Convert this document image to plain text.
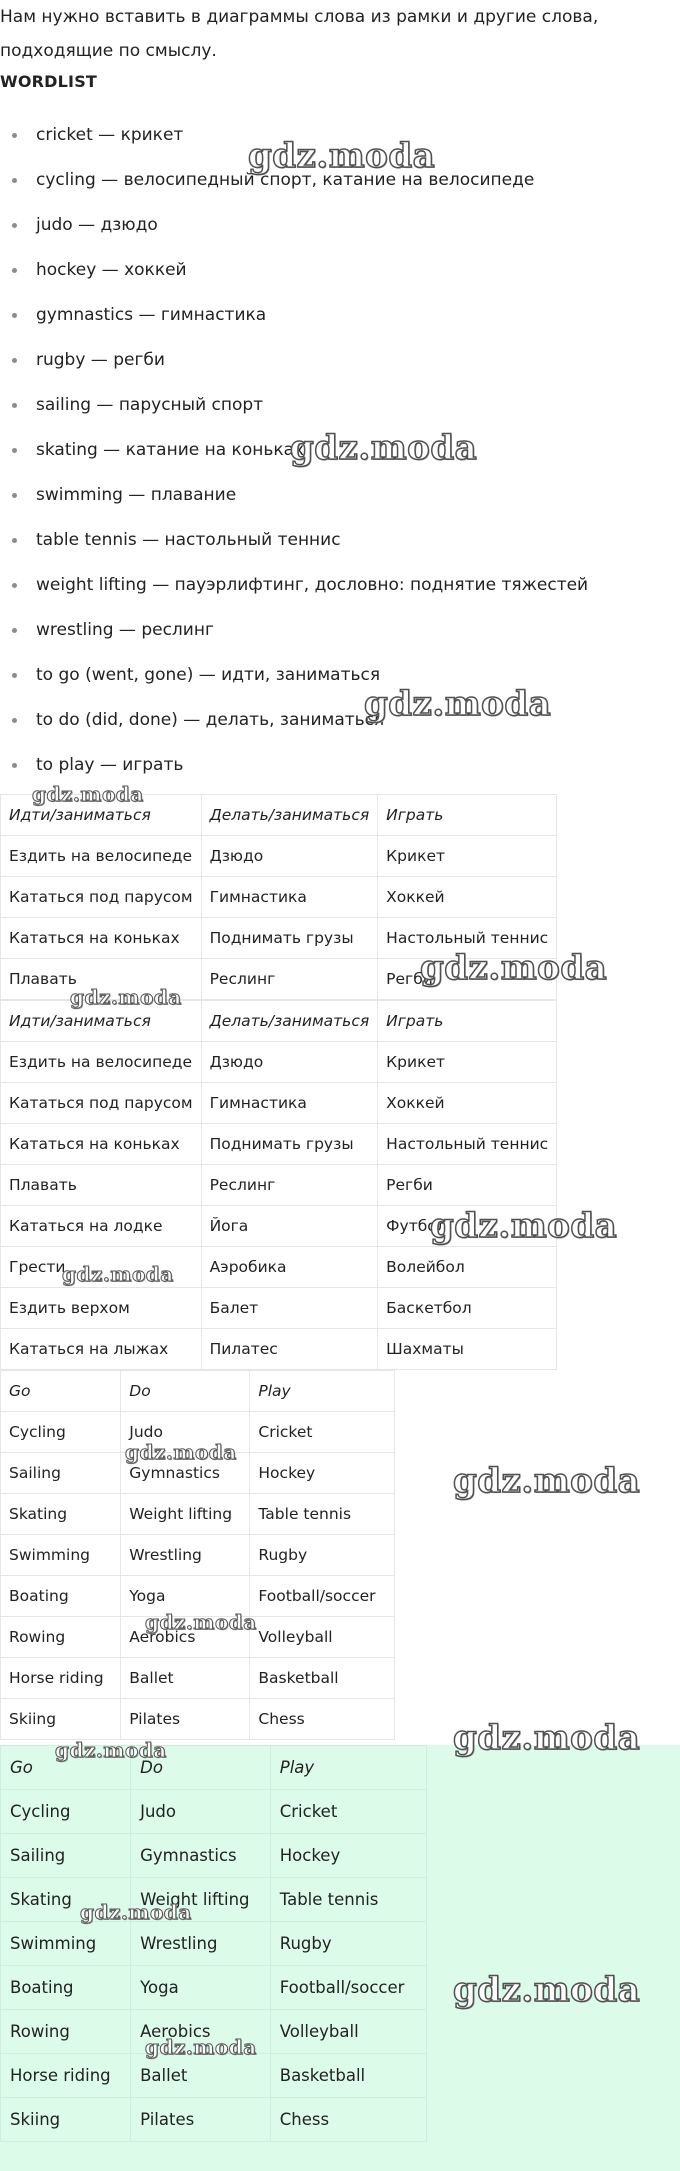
Нам нужно вставить в диаграммы слова из рамки и другие слова, подходящие по смыслу.

WORDLIST
cricket — крикет
cycling — велосипедный спорт, катание на велосипеде
judo — дзюдо
hockey — хоккей
gymnastics — гимнастика
rugby — регби
sailing — парусный спорт
skating — катание на коньках
swimming — плавание
table tennis — настольный теннис
weight lifting — пауэрлифтинг, дословно: поднятие тяжестей
wrestling — реслинг
to go (went, gone) — идти, заниматься
to do (did, done) — делать, заниматься
to play — играть
Идти/заниматься	Делать/заниматься	Играть
Ездить на велосипеде	Дзюдо	Крикет
Кататься под парусом	Гимнастика	Хоккей
Кататься на коньках	Поднимать грузы	Настольный теннис
Плавать	Реслинг	Регби
Идти/заниматься	Делать/заниматься	Играть
Ездить на велосипеде	Дзюдо	Крикет
Кататься под парусом	Гимнастика	Хоккей
Кататься на коньках	Поднимать грузы	Настольный теннис
Плавать	Реслинг	Регби
Кататься на лодке	Йога	Футбол
Грести	Аэробика	Волейбол
Ездить верхом	Балет	Баскетбол
Кататься на лыжах	Пилатес	Шахматы
Go	Do	Play
Cycling	Judo	Cricket
Sailing	Gymnastics	Hockey
Skating	Weight lifting	Table tennis
Swimming	Wrestling	Rugby
Boating	Yoga	Football/soccer
Rowing	Aerobics	Volleyball
Horse riding	Ballet	Basketball
Skiing	Pilates	Chess
Go	Do	Play
Cycling	Judo	Cricket
Sailing	Gymnastics	Hockey
Skating	Weight lifting	Table tennis
Swimming	Wrestling	Rugby
Boating	Yoga	Football/soccer
Rowing	Aerobics	Volleyball
Horse riding	Ballet	Basketball
Skiing	Pilates	Chess
gdz.moda
gdz.moda
gdz.moda
gdz.moda
gdz.moda
gdz.moda
gdz.moda
gdz.moda
gdz.moda
gdz.moda
gdz.moda
gdz.moda
gdz.moda
gdz.moda
gdz.moda
gdz.moda
